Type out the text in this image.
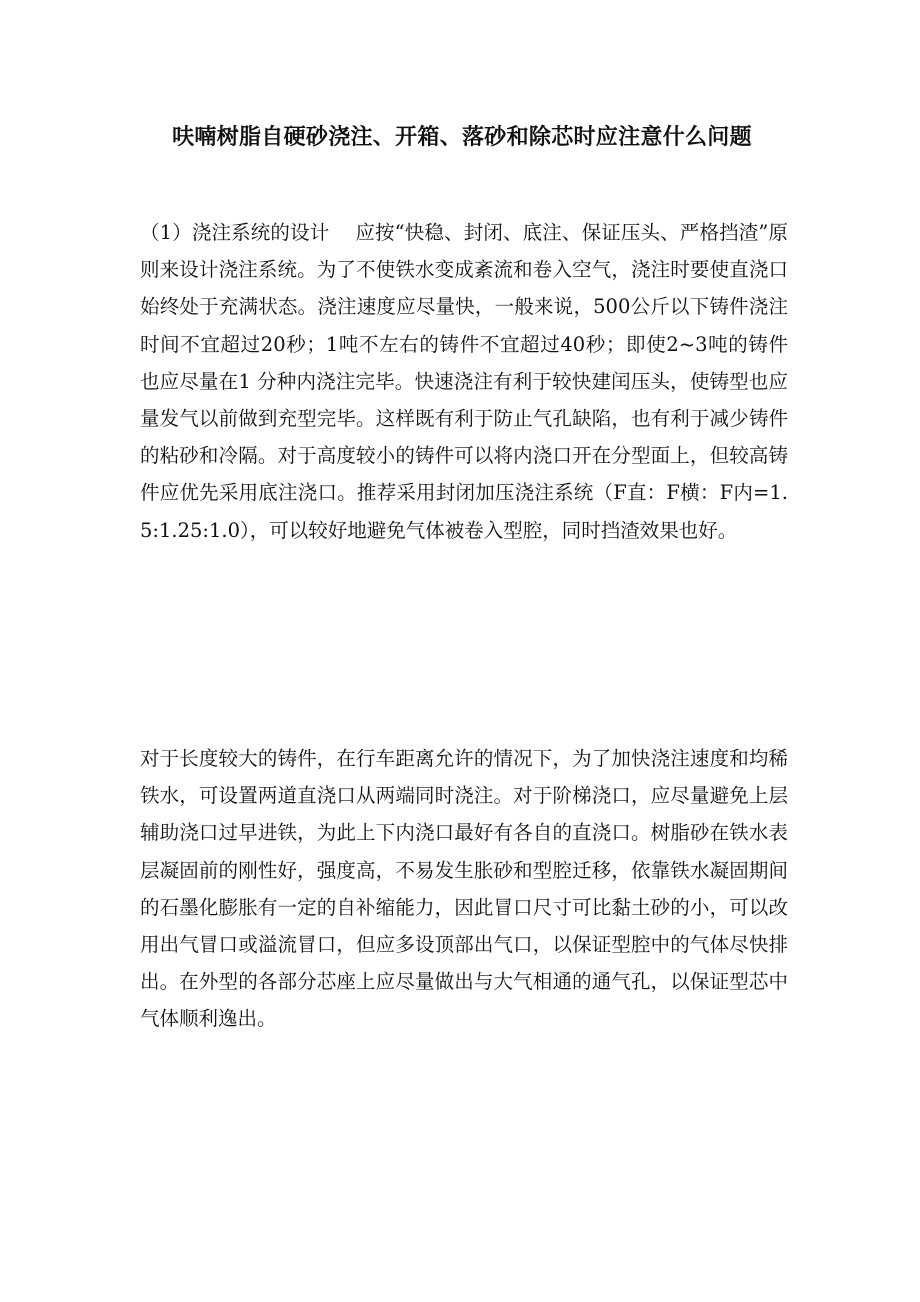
呋喃树脂自硬砂浇注、开箱、落砂和除芯时应注意什么问题

（1）浇注系统的设计　 应按“快稳、封闭、底注、保证压头、严格挡渣”原则来设计浇注系统。为了不使铁水变成紊流和卷入空气，浇注时要使直浇口始终处于充满状态。浇注速度应尽量快，一般来说，500公斤以下铸件浇注时间不宜超过20秒；1吨不左右的铸件不宜超过40秒；即使2~3吨的铸件也应尽量在1 分种内浇注完毕。快速浇注有利于较快建闰压头，使铸型也应量发气以前做到充型完毕。这样既有利于防止气孔缺陷，也有利于减少铸件的粘砂和冷隔。对于高度较小的铸件可以将内浇口开在分型面上，但较高铸件应优先采用底注浇口。推荐采用封闭加压浇注系统（F直：F横：F内=1.5:1.25:1.0），可以较好地避免气体被卷入型腔，同时挡渣效果也好。

对于长度较大的铸件，在行车距离允许的情况下，为了加快浇注速度和均稀铁水，可设置两道直浇口从两端同时浇注。对于阶梯浇口，应尽量避免上层辅助浇口过早进铁，为此上下内浇口最好有各自的直浇口。树脂砂在铁水表层凝固前的刚性好，强度高，不易发生胀砂和型腔迁移，依靠铁水凝固期间的石墨化膨胀有一定的自补缩能力，因此冒口尺寸可比黏土砂的小，可以改用出气冒口或溢流冒口，但应多设顶部出气口，以保证型腔中的气体尽快排出。在外型的各部分芯座上应尽量做出与大气相通的通气孔，以保证型芯中气体顺利逸出。
